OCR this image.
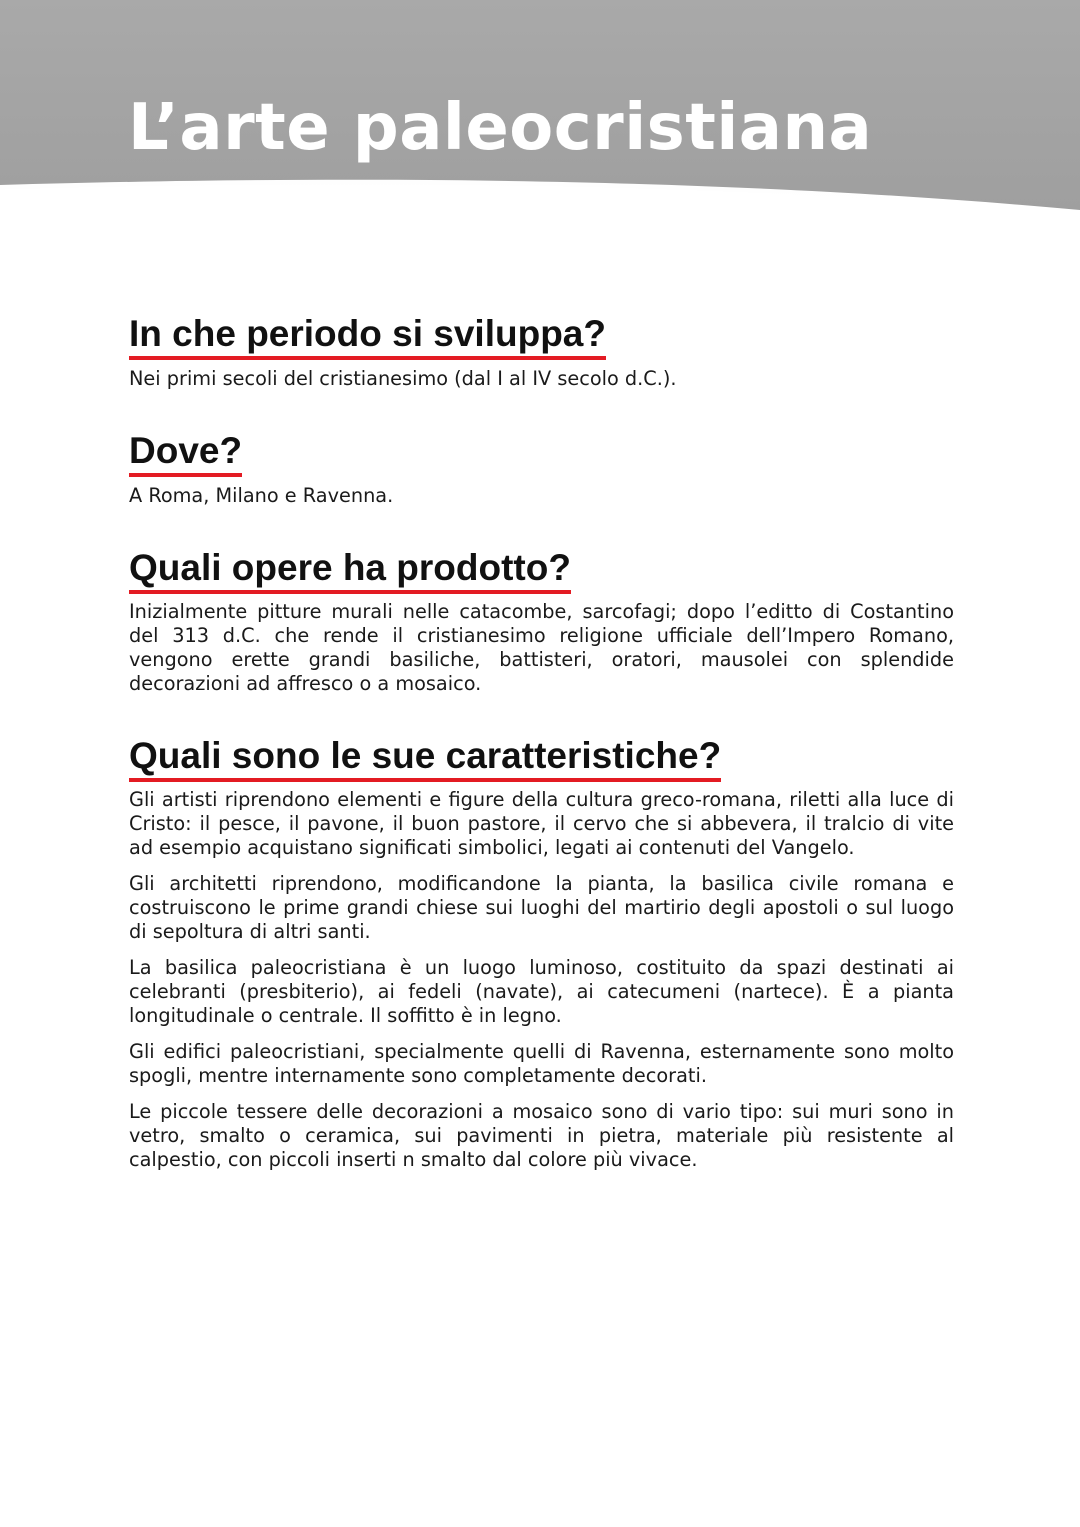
L’arte paleocristiana
In che periodo si sviluppa?

Nei primi secoli del cristianesimo (dal I al IV secolo d.C.).

Dove?

A Roma, Milano e Ravenna.

Quali opere ha prodotto?

Inizialmente pitture murali nelle catacombe, sarcofagi; dopo l’editto di Costantino del 313 d.C. che rende il cristianesimo religione ufficiale dell’Impero Romano, vengono erette grandi basiliche, battisteri, oratori, mausolei con splendide decorazioni ad affresco o a mosaico.

Quali sono le sue caratteristiche?

Gli artisti riprendono elementi e figure della cultura greco-romana, riletti alla luce di Cristo: il pesce, il pavone, il buon pastore, il cervo che si abbevera, il tralcio di vite ad esempio acquistano significati simbolici, legati ai contenuti del Vangelo.

Gli architetti riprendono, modificandone la pianta, la basilica civile romana e costruiscono le prime grandi chiese sui luoghi del martirio degli apostoli o sul luogo di sepoltura di altri santi.

La basilica paleocristiana è un luogo luminoso, costituito da spazi destinati ai celebranti (presbiterio), ai fedeli (navate), ai catecumeni (nartece). È a pianta longitudinale o centrale. Il soffitto è in legno.

Gli edifici paleocristiani, specialmente quelli di Ravenna, esternamente sono molto spogli, mentre internamente sono completamente decorati.

Le piccole tessere delle decorazioni a mosaico sono di vario tipo: sui muri sono in vetro, smalto o ceramica, sui pavimenti in pietra, materiale più resistente al calpestio, con piccoli inserti n smalto dal colore più vivace.
